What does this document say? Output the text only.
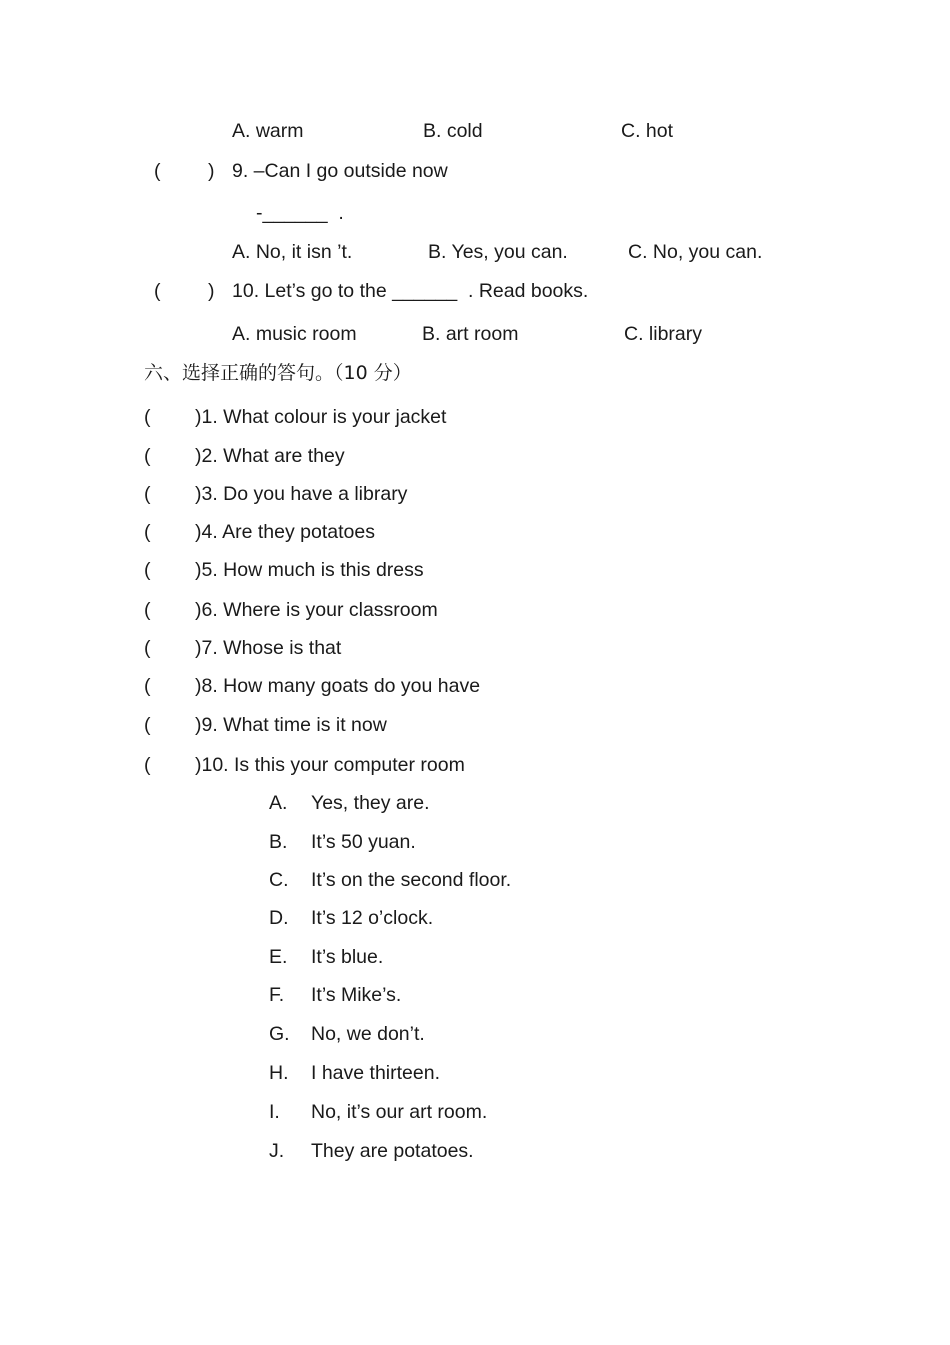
A. warm	B. cold	C. hot
( ) 9. –Can I go outside now
-______  .
A. No, it isn ’t.	B. Yes, you can.	C. No, you can.
( ) 10. Let’s go to the ______  . Read books.
A. music room	B. art room	C. library
六、选择正确的答句。（10 分）
( )1. What colour is your jacket
( )2. What are they
( )3. Do you have a library
( )4. Are they potatoes
( )5. How much is this dress
( )6. Where is your classroom
( )7. Whose is that
( )8. How many goats do you have
( )9. What time is it now
( )10. Is this your computer room
A. Yes, they are.
B. It’s 50 yuan.
C. It’s on the second floor.
D. It’s 12 o’clock.
E. It’s blue.
F. It’s Mike’s.
G. No, we don’t.
H. I have thirteen.
I. No, it’s our art room.
J. They are potatoes.
